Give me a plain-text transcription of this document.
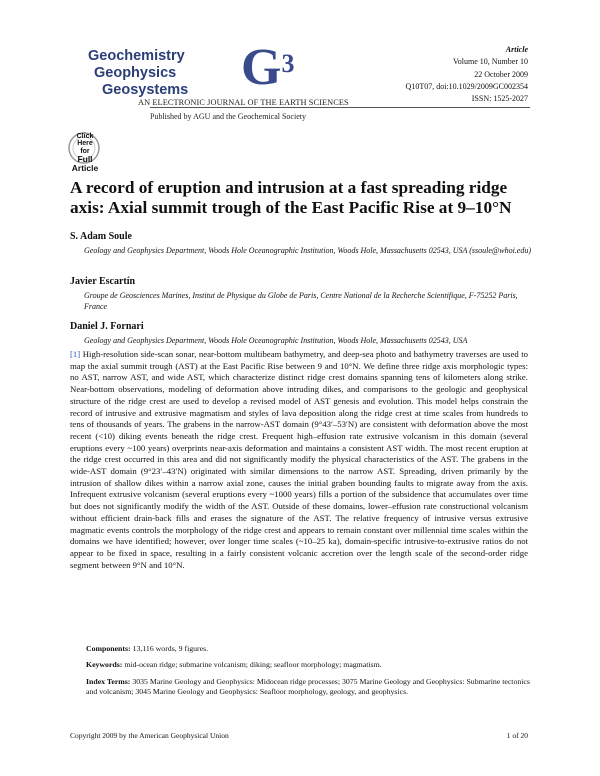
Geochemistry
Geophysics
Geosystems	$G^3$
AN ELECTRONIC JOURNAL OF THE EARTH SCIENCES
Published by AGU and the Geochemical Society
Article
Volume 10, Number 10
22 October 2009
Q10T07, doi:10.1029/2009GC002354
ISSN: 1525-2027
Click
Here
for
Full
Article
A record of eruption and intrusion at a fast spreading ridge axis: Axial summit trough of the East Pacific Rise at 9–10°N
S. Adam Soule
Geology and Geophysics Department, Woods Hole Oceanographic Institution, Woods Hole, Massachusetts 02543, USA (ssoule@whoi.edu)
Javier Escartín
Groupe de Geosciences Marines, Institut de Physique du Globe de Paris, Centre National de la Recherche Scientifique, F-75252 Paris, France
Daniel J. Fornari
Geology and Geophysics Department, Woods Hole Oceanographic Institution, Woods Hole, Massachusetts 02543, USA
[1] High-resolution side-scan sonar, near-bottom multibeam bathymetry, and deep-sea photo and bathymetry traverses are used to map the axial summit trough (AST) at the East Pacific Rise between 9 and 10°N. We define three ridge axis morphologic types: no AST, narrow AST, and wide AST, which characterize distinct ridge crest domains spanning tens of kilometers along strike. Near-bottom observations, modeling of deformation above intruding dikes, and comparisons to the geologic and geophysical structure of the ridge crest are used to develop a revised model of AST genesis and evolution. This model helps constrain the record of intrusive and extrusive magmatism and styles of lava deposition along the ridge crest at time scales from hundreds to tens of thousands of years. The grabens in the narrow-AST domain (9°43′–53′N) are consistent with deformation above the most recent (<10) diking events beneath the ridge crest. Frequent high–effusion rate extrusive volcanism in this domain (several eruptions every ~100 years) overprints near-axis deformation and maintains a consistent AST width. The most recent eruption at the ridge crest occurred in this area and did not significantly modify the physical characteristics of the AST. The grabens in the wide-AST domain (9°23′–43′N) originated with similar dimensions to the narrow AST. Spreading, driven primarily by the intrusion of shallow dikes within a narrow axial zone, causes the initial graben bounding faults to migrate away from the axis. Infrequent extrusive volcanism (several eruptions every ~1000 years) fills a portion of the subsidence that accumulates over time but does not significantly modify the width of the AST. Outside of these domains, lower–effusion rate constructional volcanism without efficient drain-back fills and erases the signature of the AST. The relative frequency of intrusive versus extrusive magmatic events controls the morphology of the ridge crest and appears to remain constant over millennial time scales within the domains we have identified; however, over longer time scales (~10–25 ka), domain-specific intrusive-to-extrusive ratios do not appear to be fixed in space, resulting in a fairly consistent volcanic accretion over the length scale of the second-order ridge segment between 9°N and 10°N.
Components: 13,116 words, 9 figures.
Keywords: mid-ocean ridge; submarine volcanism; diking; seafloor morphology; magmatism.
Index Terms: 3035 Marine Geology and Geophysics: Midocean ridge processes; 3075 Marine Geology and Geophysics: Submarine tectonics and volcanism; 3045 Marine Geology and Geophysics: Seafloor morphology, geology, and geophysics.
Copyright 2009 by the American Geophysical Union	1 of 20
